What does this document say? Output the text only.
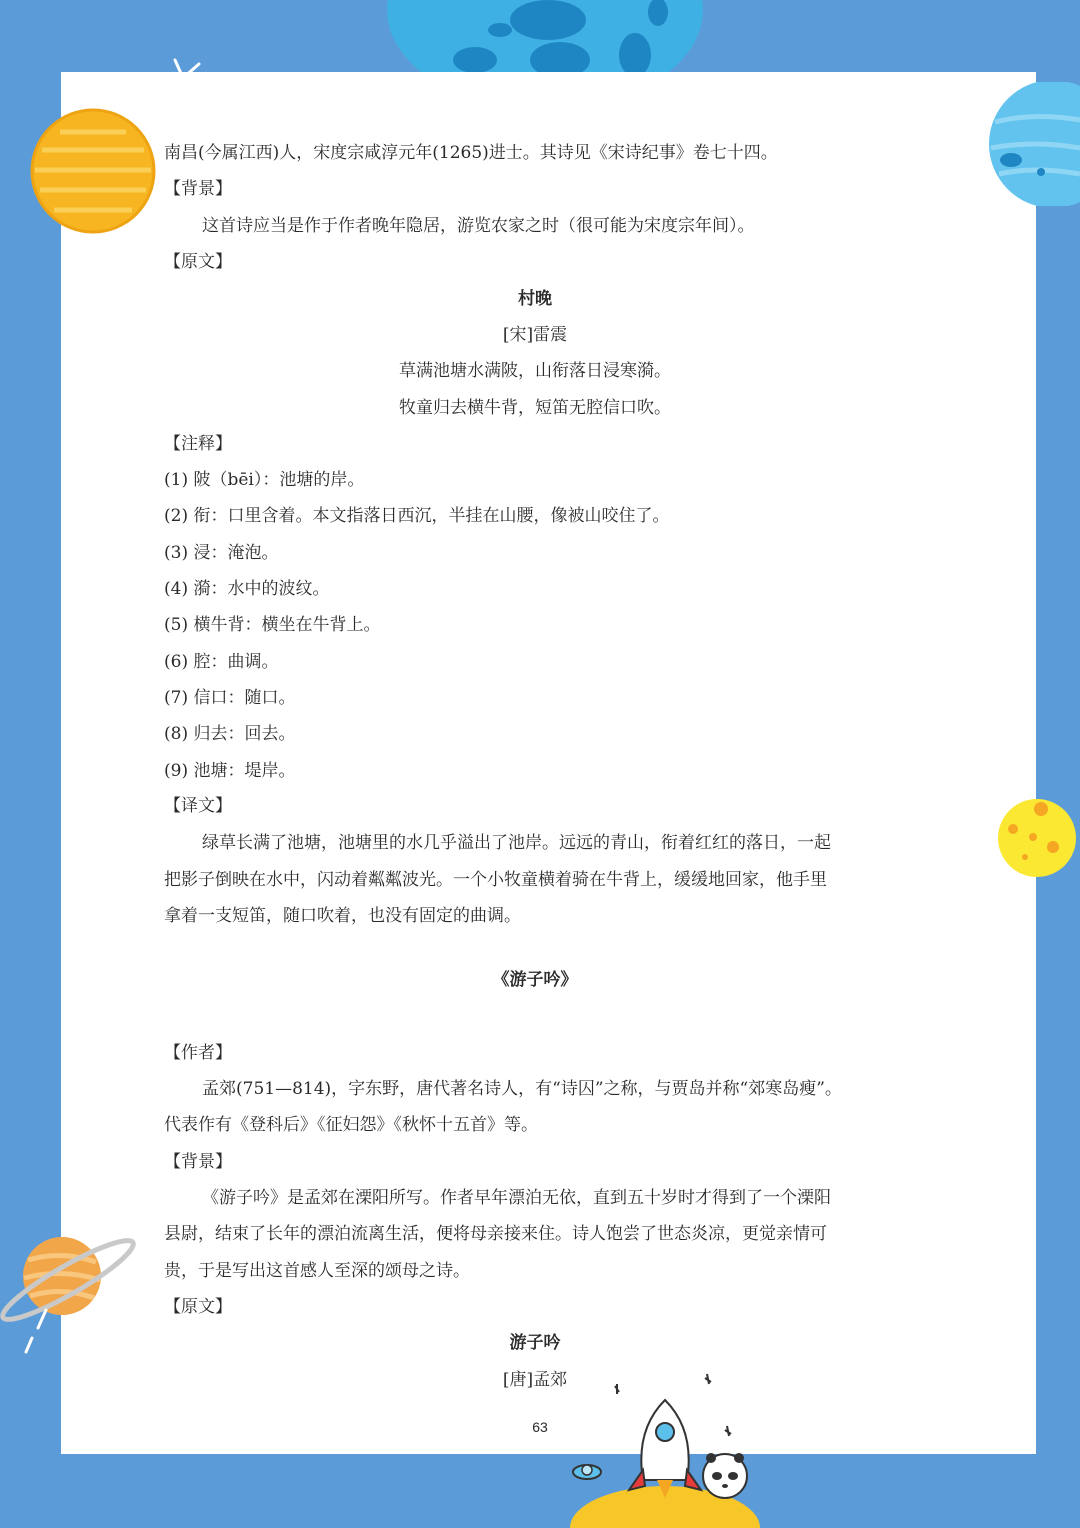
南昌(今属江西)人，宋度宗咸淳元年(1265)进士。其诗见《宋诗纪事》卷七十四。
【背景】
这首诗应当是作于作者晚年隐居，游览农家之时（很可能为宋度宗年间）。
【原文】
村晚
[宋]雷震
草满池塘水满陂，山衔落日浸寒漪。
牧童归去横牛背，短笛无腔信口吹。
【注释】
(1) 陂（bēi）：池塘的岸。
(2) 衔：口里含着。本文指落日西沉，半挂在山腰，像被山咬住了。
(3) 浸：淹泡。
(4) 漪：水中的波纹。
(5) 横牛背：横坐在牛背上。
(6) 腔：曲调。
(7) 信口：随口。
(8) 归去：回去。
(9) 池塘：堤岸。
【译文】
绿草长满了池塘，池塘里的水几乎溢出了池岸。远远的青山，衔着红红的落日，一起
把影子倒映在水中，闪动着粼粼波光。一个小牧童横着骑在牛背上，缓缓地回家，他手里
拿着一支短笛，随口吹着，也没有固定的曲调。
《游子吟》
【作者】
孟郊(751—814)，字东野，唐代著名诗人，有“诗囚”之称，与贾岛并称“郊寒岛瘦”。
代表作有《登科后》《征妇怨》《秋怀十五首》等。
【背景】
《游子吟》是孟郊在溧阳所写。作者早年漂泊无依，直到五十岁时才得到了一个溧阳
县尉，结束了长年的漂泊流离生活，便将母亲接来住。诗人饱尝了世态炎凉，更觉亲情可
贵，于是写出这首感人至深的颂母之诗。
【原文】
游子吟
[唐]孟郊
63
